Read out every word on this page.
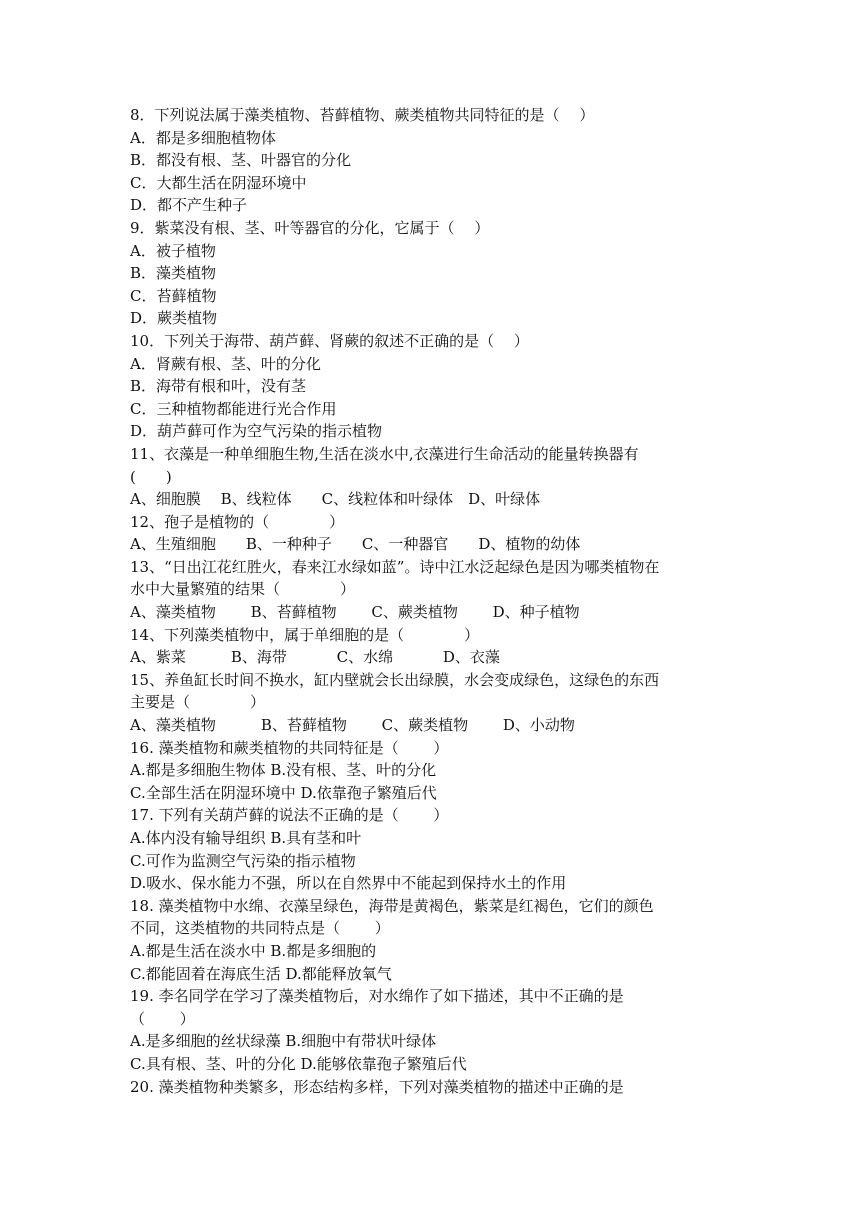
8．下列说法属于藻类植物、苔藓植物、蕨类植物共同特征的是（　 ）
A．都是多细胞植物体
B．都没有根、茎、叶器官的分化
C．大都生活在阴湿环境中
D．都不产生种子
9．紫菜没有根、茎、叶等器官的分化，它属于（　 ）
A．被子植物
B．藻类植物
C．苔藓植物
D．蕨类植物
10．下列关于海带、葫芦藓、肾蕨的叙述不正确的是（　 ）
A．肾蕨有根、茎、叶的分化
B．海带有根和叶，没有茎
C．三种植物都能进行光合作用
D．葫芦藓可作为空气污染的指示植物
11、衣藻是一种单细胞生物,生活在淡水中,衣藻进行生命活动的能量转换器有
(　　)
A、细胞膜　 B、线粒体　　C、线粒体和叶绿体　D、叶绿体
12、孢子是植物的（　　　　）
A、生殖细胞　　B、一种种子　　C、一种器官　　D、植物的幼体
13、“日出江花红胜火，春来江水绿如蓝”。诗中江水泛起绿色是因为哪类植物在
水中大量繁殖的结果（　　　　）
A、藻类植物　　 B、苔藓植物　　 C、蕨类植物　　 D、种子植物
14、下列藻类植物中，属于单细胞的是（　　　　）
A、紫菜　　　B、海带　　　 C、水绵　　　 D、衣藻
15、养鱼缸长时间不换水，缸内壁就会长出绿膜，水会变成绿色，这绿色的东西
主要是（　　　　）
A、藻类植物　　　B、苔藓植物　　 C、蕨类植物　　 D、小动物
16. 藻类植物和蕨类植物的共同特征是（　　 ）
A.都是多细胞生物体 B.没有根、茎、叶的分化
C.全部生活在阴湿环境中 D.依靠孢子繁殖后代
17. 下列有关葫芦藓的说法不正确的是（　　 ）
A.体内没有输导组织 B.具有茎和叶
C.可作为监测空气污染的指示植物
D.吸水、保水能力不强，所以在自然界中不能起到保持水土的作用
18. 藻类植物中水绵、衣藻呈绿色，海带是黄褐色，紫菜是红褐色，它们的颜色
不同，这类植物的共同特点是（　　 ）
A.都是生活在淡水中 B.都是多细胞的
C.都能固着在海底生活 D.都能释放氧气
19. 李名同学在学习了藻类植物后，对水绵作了如下描述，其中不正确的是
（　　 ）
A.是多细胞的丝状绿藻 B.细胞中有带状叶绿体
C.具有根、茎、叶的分化 D.能够依靠孢子繁殖后代
20. 藻类植物种类繁多，形态结构多样，下列对藻类植物的描述中正确的是
